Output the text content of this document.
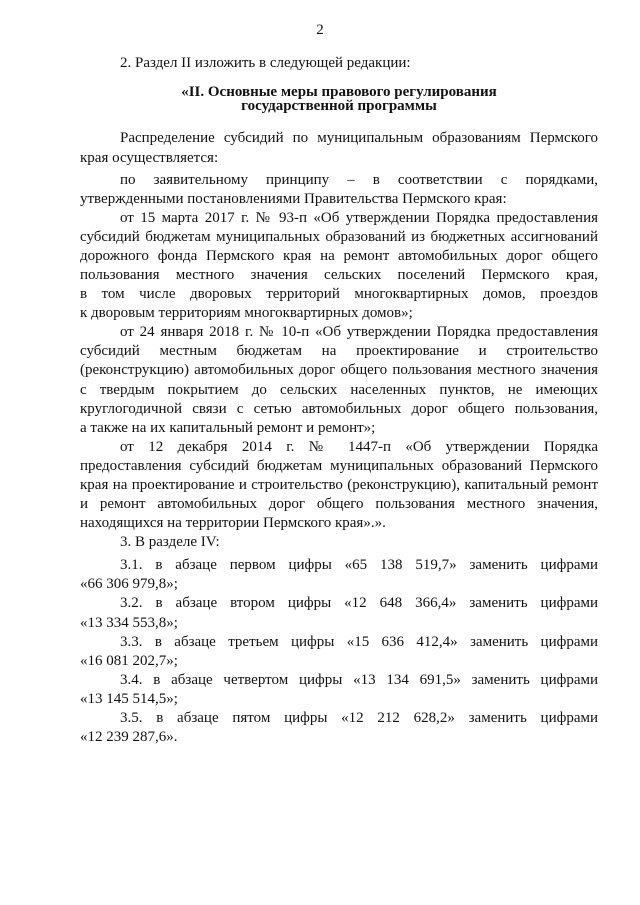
2
2. Раздел II изложить в следующей редакции:
«II. Основные меры правового регулирования
государственной программы
Распределение субсидий по муниципальным образованиям Пермского
края осуществляется:
по заявительному принципу – в соответствии с порядками,
утвержденными постановлениями Правительства Пермского края:
от 15 марта 2017 г. № 93-п «Об утверждении Порядка предоставления
субсидий бюджетам муниципальных образований из бюджетных ассигнований
дорожного фонда Пермского края на ремонт автомобильных дорог общего
пользования местного значения сельских поселений Пермского края,
в том числе дворовых территорий многоквартирных домов, проездов
к дворовым территориям многоквартирных домов»;
от 24 января 2018 г. № 10-п «Об утверждении Порядка предоставления
субсидий местным бюджетам на проектирование и строительство
(реконструкцию) автомобильных дорог общего пользования местного значения
с твердым покрытием до сельских населенных пунктов, не имеющих
круглогодичной связи с сетью автомобильных дорог общего пользования,
а также на их капитальный ремонт и ремонт»;
от 12 декабря 2014 г. № 1447-п «Об утверждении Порядка
предоставления субсидий бюджетам муниципальных образований Пермского
края на проектирование и строительство (реконструкцию), капитальный ремонт
и ремонт автомобильных дорог общего пользования местного значения,
находящихся на территории Пермского края».».
3. В разделе IV:
3.1. в абзаце первом цифры «65 138 519,7» заменить цифрами
«66 306 979,8»;
3.2. в абзаце втором цифры «12 648 366,4» заменить цифрами
«13 334 553,8»;
3.3. в абзаце третьем цифры «15 636 412,4» заменить цифрами
«16 081 202,7»;
3.4. в абзаце четвертом цифры «13 134 691,5» заменить цифрами
«13 145 514,5»;
3.5. в абзаце пятом цифры «12 212 628,2» заменить цифрами
«12 239 287,6».
